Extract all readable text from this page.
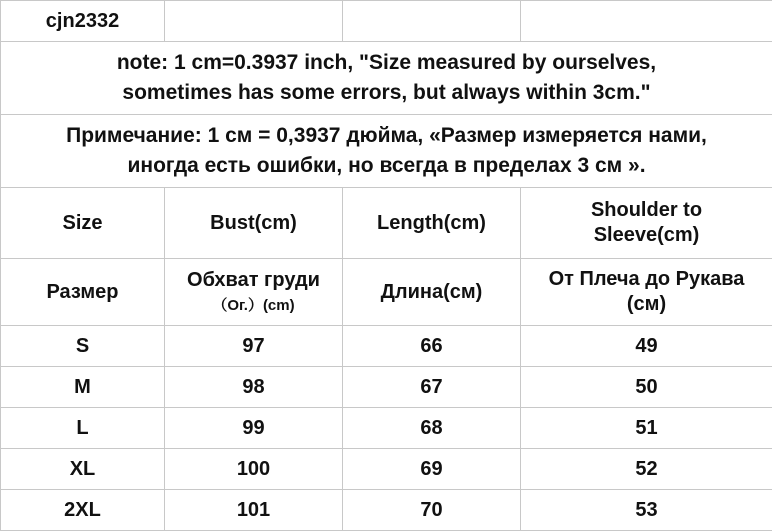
cjn2332			
note: 1 cm=0.3937 inch, "Size measured by ourselves,
sometimes has some errors, but always within 3cm."			
Примечание: 1 см = 0,3937 дюйма, «Размер измеряется нами,
иногда есть ошибки, но всегда в пределах 3 см ».			
Size	Bust(cm)	Length(cm)	Shoulder to
Sleeve(cm)
Размер	Обхват груди
（Ог.）(cm)	Длина(см)	От Плеча до Рукава
(см)
S	97	66	49
M	98	67	50
L	99	68	51
XL	100	69	52
2XL	101	70	53
